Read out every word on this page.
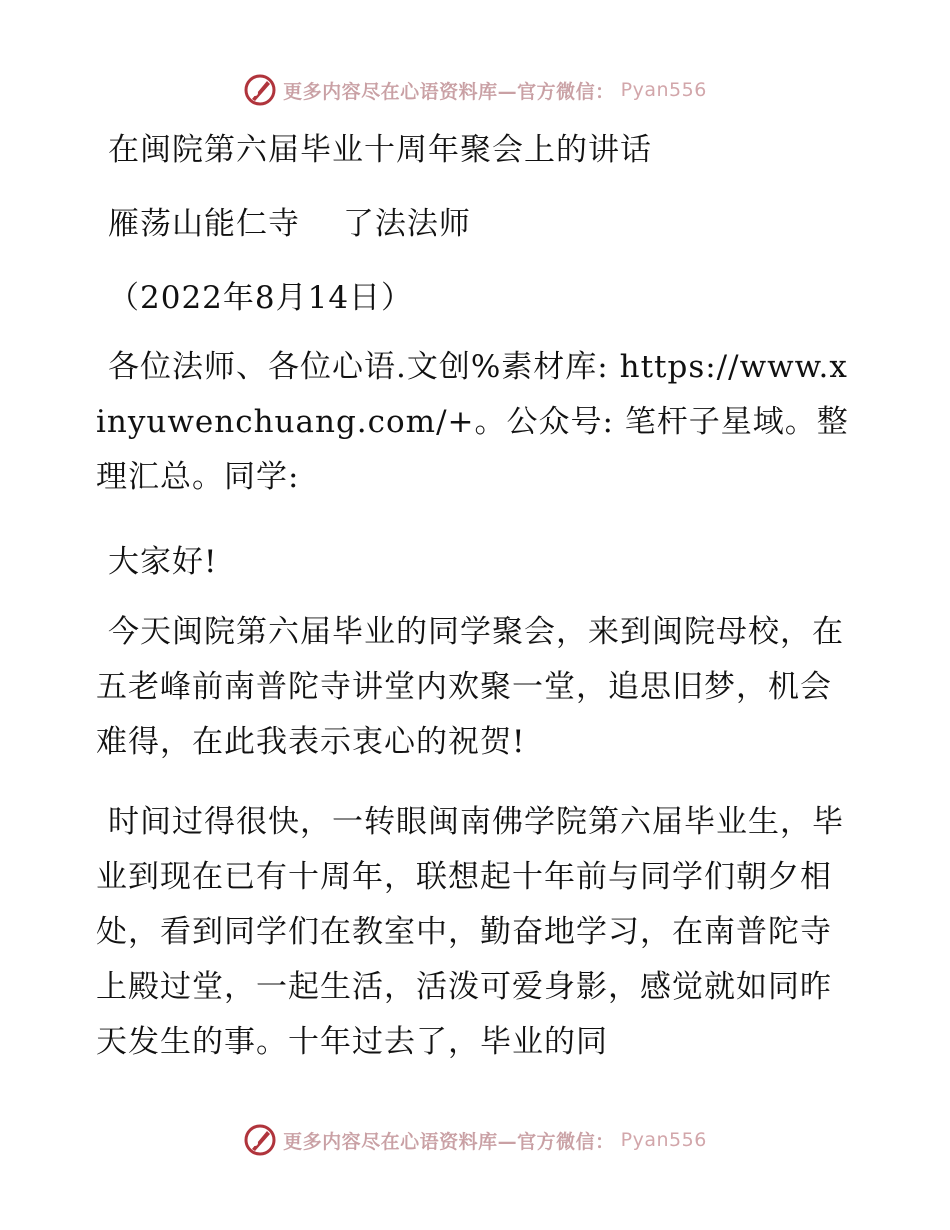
更多内容尽在心语资料库—官方微信： Pyan556
在闽院第六届毕业十周年聚会上的讲话
雁荡山能仁寺　 了法法师
（2022年8月14日）

各位法师、各位心语.文创%素材库: https://www.xinyuwenchuang.com/+。公众号: 笔杆子星域。整理汇总。同学:

大家好!

今天闽院第六届毕业的同学聚会，来到闽院母校，在五老峰前南普陀寺讲堂内欢聚一堂，追思旧梦，机会难得，在此我表示衷心的祝贺!

时间过得很快，一转眼闽南佛学院第六届毕业生，毕业到现在已有十周年，联想起十年前与同学们朝夕相处，看到同学们在教室中，勤奋地学习，在南普陀寺上殿过堂，一起生活，活泼可爱身影，感觉就如同昨天发生的事。十年过去了，毕业的同

更多内容尽在心语资料库—官方微信： Pyan556
